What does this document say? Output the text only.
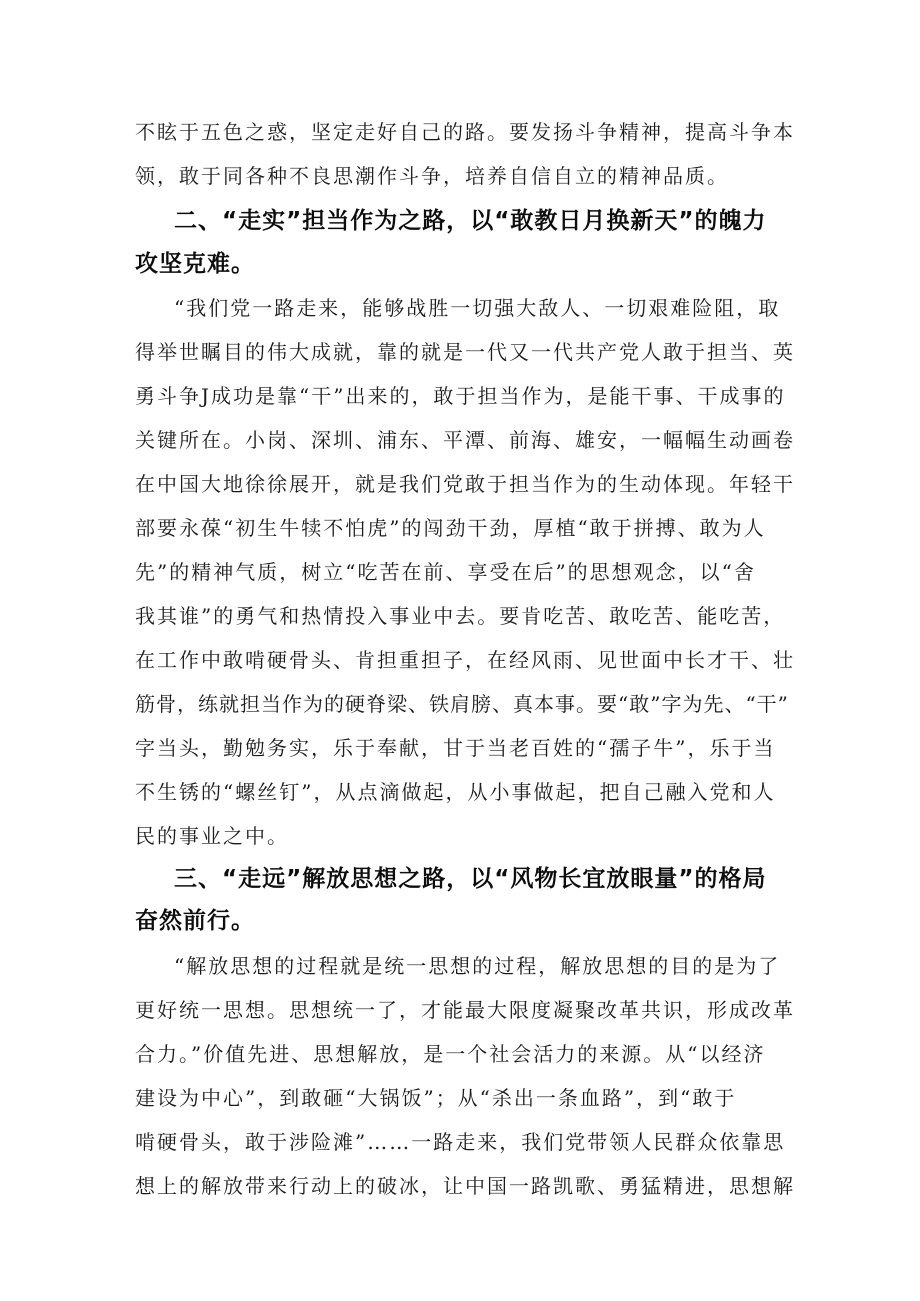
不眩于五色之惑，坚定走好自己的路。要发扬斗争精神，提高斗争本
领，敢于同各种不良思潮作斗争，培养自信自立的精神品质。
二、“走实”担当作为之路，以“敢教日月换新天”的魄力
攻坚克难。
“我们党一路走来，能够战胜一切强大敌人、一切艰难险阻，取
得举世瞩目的伟大成就，靠的就是一代又一代共产党人敢于担当、英
勇斗争J成功是靠“干”出来的，敢于担当作为，是能干事、干成事的
关键所在。小岗、深圳、浦东、平潭、前海、雄安，一幅幅生动画卷
在中国大地徐徐展开，就是我们党敢于担当作为的生动体现。年轻干
部要永葆“初生牛犊不怕虎”的闯劲干劲，厚植“敢于拼搏、敢为人
先”的精神气质，树立“吃苦在前、享受在后”的思想观念，以“舍
我其谁”的勇气和热情投入事业中去。要肯吃苦、敢吃苦、能吃苦，
在工作中敢啃硬骨头、肯担重担子，在经风雨、见世面中长才干、壮
筋骨，练就担当作为的硬脊梁、铁肩膀、真本事。要“敢”字为先、“干”
字当头，勤勉务实，乐于奉献，甘于当老百姓的“孺子牛”，乐于当
不生锈的“螺丝钉”，从点滴做起，从小事做起，把自己融入党和人
民的事业之中。
三、“走远”解放思想之路，以“风物长宜放眼量”的格局
奋然前行。
“解放思想的过程就是统一思想的过程，解放思想的目的是为了
更好统一思想。思想统一了，才能最大限度凝聚改革共识，形成改革
合力。”价值先进、思想解放，是一个社会活力的来源。从“以经济
建设为中心”，到敢砸“大锅饭”；从“杀出一条血路”，到“敢于
啃硬骨头，敢于涉险滩”……一路走来，我们党带领人民群众依靠思
想上的解放带来行动上的破冰，让中国一路凯歌、勇猛精进，思想解
